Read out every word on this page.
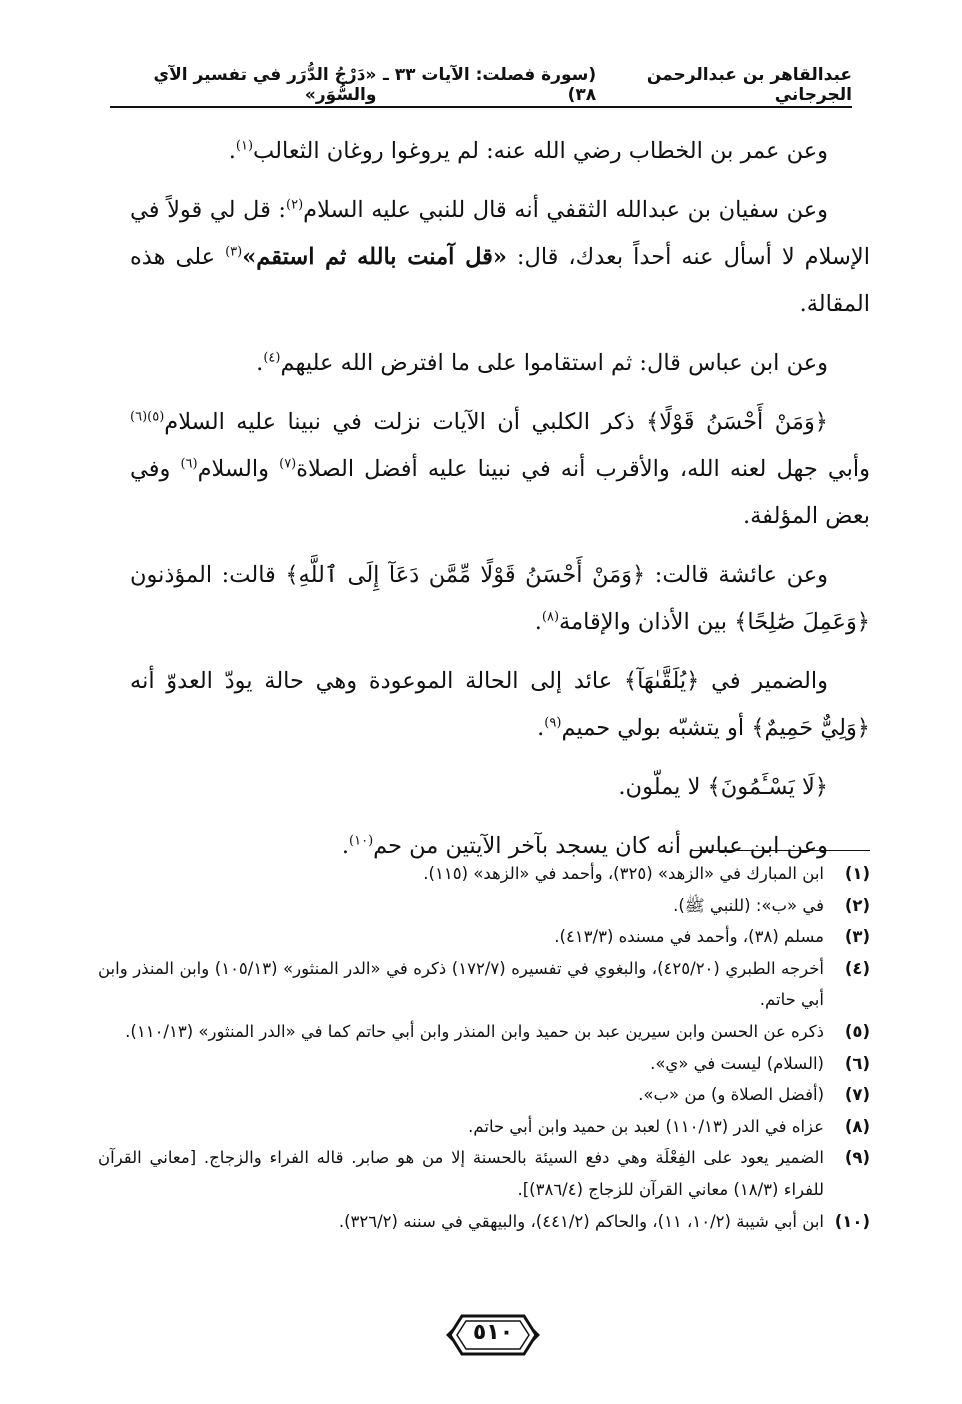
عبدالقاهر بن عبدالرحمن الجرجاني
(سورة فصلت: الآيات ٣٣ ـ ٣٨)
«دَرْجُ الدُّرَر في تفسير الآي والسُّوَر»

وعن عمر بن الخطاب رضي الله عنه: لم يروغوا روغان الثعالب$^{(١)}$.

وعن سفيان بن عبدالله الثقفي أنه قال للنبي عليه السلام$^{(٢)}$: قل لي قولاً في الإسلام لا أسأل عنه أحداً بعدك، قال: «قل آمنت بالله ثم استقم»$^{(٣)}$ على هذه المقالة.

وعن ابن عباس قال: ثم استقاموا على ما افترض الله عليهم$^{(٤)}$.

﴿وَمَنْ أَحْسَنُ قَوْلًا﴾ ذكر الكلبي أن الآيات نزلت في نبينا عليه السلام$^{(٥)(٦)}$ وأبي جهل لعنه الله، والأقرب أنه في نبينا عليه أفضل الصلاة$^{(٧)}$ والسلام$^{(٦)}$ وفي بعض المؤلفة.

وعن عائشة قالت: ﴿وَمَنْ أَحْسَنُ قَوْلًا مِّمَّن دَعَآ إِلَى ٱللَّهِ﴾ قالت: المؤذنون ﴿وَعَمِلَ صَٰلِحًا﴾ بين الأذان والإقامة$^{(٨)}$.

والضمير في ﴿يُلَقَّىٰهَآ﴾ عائد إلى الحالة الموعودة وهي حالة يودّ العدوّ أنه ﴿وَلِيٌّ حَمِيمٌ﴾ أو يتشبّه بولي حميم$^{(٩)}$.

﴿لَا يَسْـَٔمُونَ﴾ لا يملّون.

وعن ابن عباس أنه كان يسجد بآخر الآيتين من حم$^{(١٠)}$.

(١)
ابن المبارك في «الزهد» (٣٢٥)، وأحمد في «الزهد» (١١٥).
(٢)
في «ب»: (للنبي ﷺ).
(٣)
مسلم (٣٨)، وأحمد في مسنده (٤١٣/٣).
(٤)
أخرجه الطبري (٤٢٥/٢٠)، والبغوي في تفسيره (١٧٢/٧) ذكره في «الدر المنثور» (١٠٥/١٣) وابن المنذر وابن أبي حاتم.
(٥)
ذكره عن الحسن وابن سيرين عبد بن حميد وابن المنذر وابن أبي حاتم كما في «الدر المنثور» (١١٠/١٣).
(٦)
(السلام) ليست في «ي».
(٧)
(أفضل الصلاة و) من «ب».
(٨)
عزاه في الدر (١١٠/١٣) لعبد بن حميد وابن أبي حاتم.
(٩)
الضمير يعود على الفِعْلَة وهي دفع السيئة بالحسنة إلا من هو صابر. قاله الفراء والزجاج. [معاني القرآن للفراء (١٨/٣) معاني القرآن للزجاج (٣٨٦/٤)].
(١٠)
ابن أبي شيبة (١٠/٢، ١١)، والحاكم (٤٤١/٢)، والبيهقي في سننه (٣٢٦/٢).
٥١٠
